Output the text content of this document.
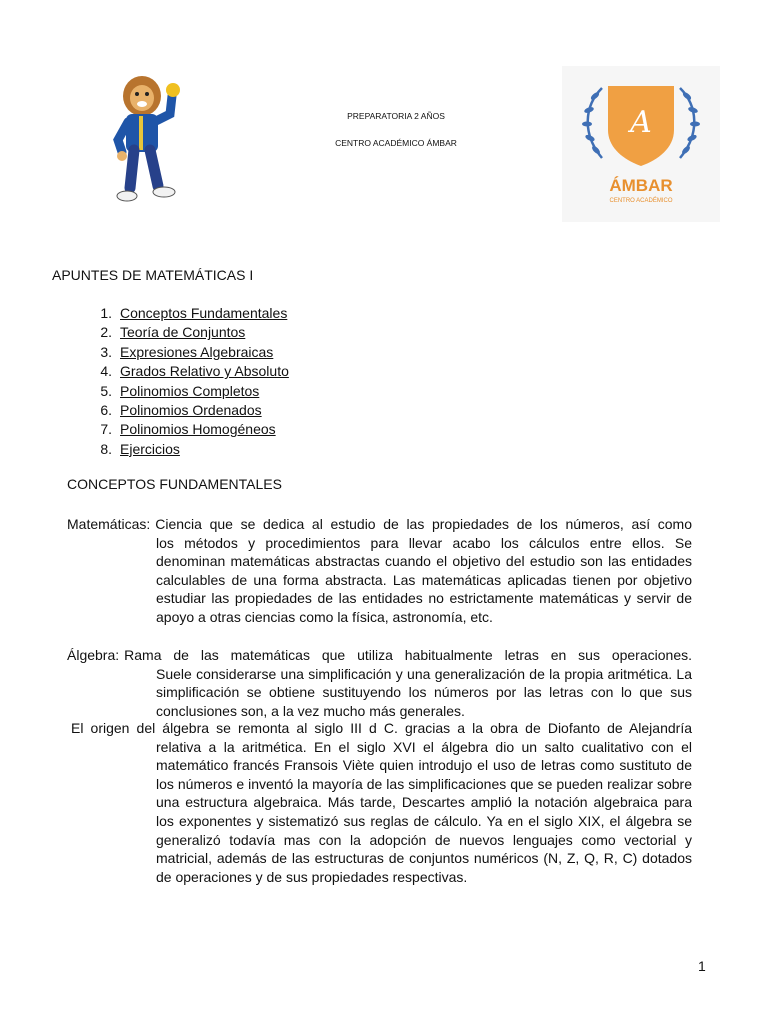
PREPARATORIA 2 AÑOS
CENTRO ACADÉMICO ÁMBAR
A
ÁMBAR
CENTRO ACADÉMICO
APUNTES DE MATEMÁTICAS I
1. Conceptos Fundamentales
2. Teoría de Conjuntos
3. Expresiones Algebraicas
4. Grados Relativo y Absoluto
5. Polinomios Completos
6. Polinomios Ordenados
7. Polinomios Homogéneos
8. Ejercicios
CONCEPTOS FUNDAMENTALES
Matemáticas: Ciencia que se dedica al estudio de las propiedades de los números, así como

los métodos y procedimientos para llevar acabo los cálculos entre ellos. Se denominan matemáticas abstractas cuando el objetivo del estudio son las entidades calculables de una forma abstracta. Las matemáticas aplicadas tienen por objetivo estudiar las propiedades de las entidades no estrictamente matemáticas y servir de apoyo a otras ciencias como la física, astronomía, etc.

Álgebra: Rama de las matemáticas que utiliza habitualmente letras en sus operaciones.

Suele considerarse una simplificación y una generalización de la propia aritmética. La simplificación se obtiene sustituyendo los números por las letras con lo que sus conclusiones son, a la vez mucho más generales.

El origen del álgebra se remonta al siglo III d C. gracias a la obra de Diofanto de Alejandría

relativa a la aritmética. En el siglo XVI el álgebra dio un salto cualitativo con el matemático francés Fransois Viète quien introdujo el uso de letras como sustituto de los números e inventó la mayoría de las simplificaciones que se pueden realizar sobre una estructura algebraica. Más tarde, Descartes amplió la notación algebraica para los exponentes y sistematizó sus reglas de cálculo. Ya en el siglo XIX, el álgebra se generalizó todavía mas con la adopción de nuevos lenguajes como vectorial y matricial, además de las estructuras de conjuntos numéricos (N, Z, Q, R, C) dotados de operaciones y de sus propiedades respectivas.

1
